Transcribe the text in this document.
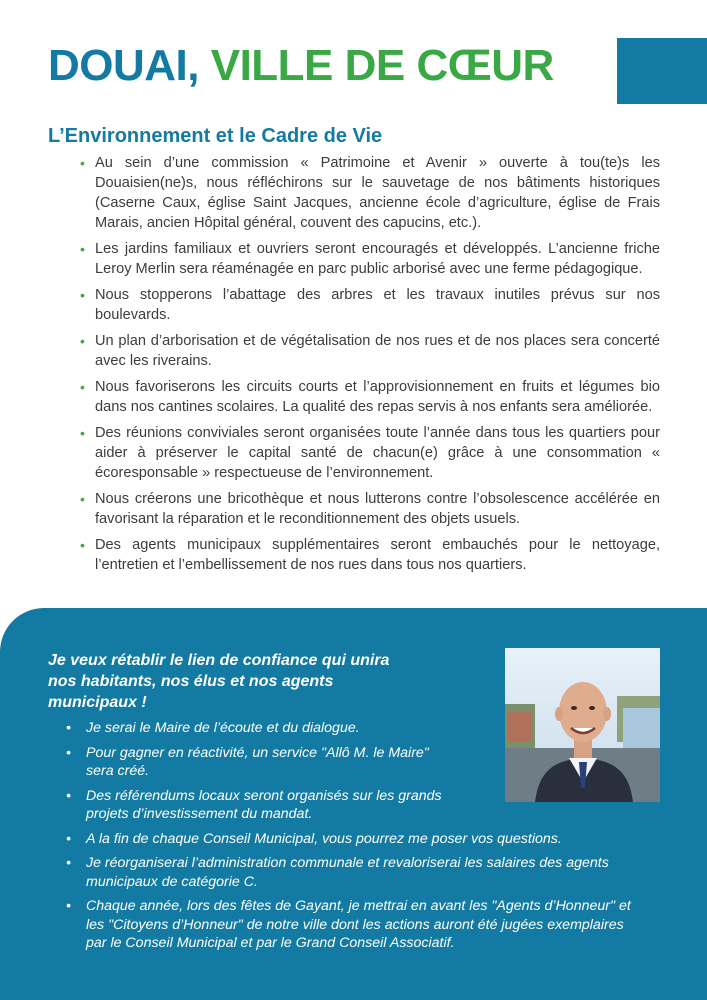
DOUAI, VILLE DE CŒUR
L’Environnement et le Cadre de Vie
• Au sein d’une commission « Patrimoine et Avenir » ouverte à tou(te)s les Douaisien(ne)s, nous réfléchirons sur le sauvetage de nos bâtiments historiques (Caserne Caux, église Saint Jacques, ancienne école d’agriculture, église de Frais Marais, ancien Hôpital général, couvent des capucins, etc.).
• Les jardins familiaux et ouvriers seront encouragés et développés. L’ancienne friche Leroy Merlin sera réaménagée en parc public arborisé avec une ferme pédagogique.
• Nous stopperons l’abattage des arbres et les travaux inutiles prévus sur nos boulevards.
• Un plan d’arborisation et de végétalisation de nos rues et de nos places sera concerté avec les riverains.
• Nous favoriserons les circuits courts et l’approvisionnement en fruits et légumes bio dans nos cantines scolaires. La qualité des repas servis à nos enfants sera améliorée.
• Des réunions conviviales seront organisées toute l’année dans tous les quartiers pour aider à préserver le capital santé de chacun(e) grâce à une consommation « écoresponsable » respectueuse de l’environnement.
• Nous créerons une bricothèque et nous lutterons contre l’obsolescence accélérée en favorisant la réparation et le reconditionnement des objets usuels.
• Des agents municipaux supplémentaires seront embauchés pour le nettoyage, l’entretien et l’embellissement de nos rues dans tous nos quartiers.
Je veux rétablir le lien de confiance qui unira nos habitants, nos élus et nos agents municipaux !
• Je serai le Maire de l’écoute et du dialogue.
• Pour gagner en réactivité, un service "Allô M. le Maire" sera créé.
• Des référendums locaux seront organisés sur les grands projets d’investissement du mandat.
• A la fin de chaque Conseil Municipal, vous pourrez me poser vos questions.
• Je réorganiserai l’administration communale et revaloriserai les salaires des agents municipaux de catégorie C.
• Chaque année, lors des fêtes de Gayant, je mettrai en avant les "Agents d’Honneur" et les "Citoyens d’Honneur" de notre ville dont les actions auront été jugées exemplaires par le Conseil Municipal et par le Grand Conseil Associatif.
